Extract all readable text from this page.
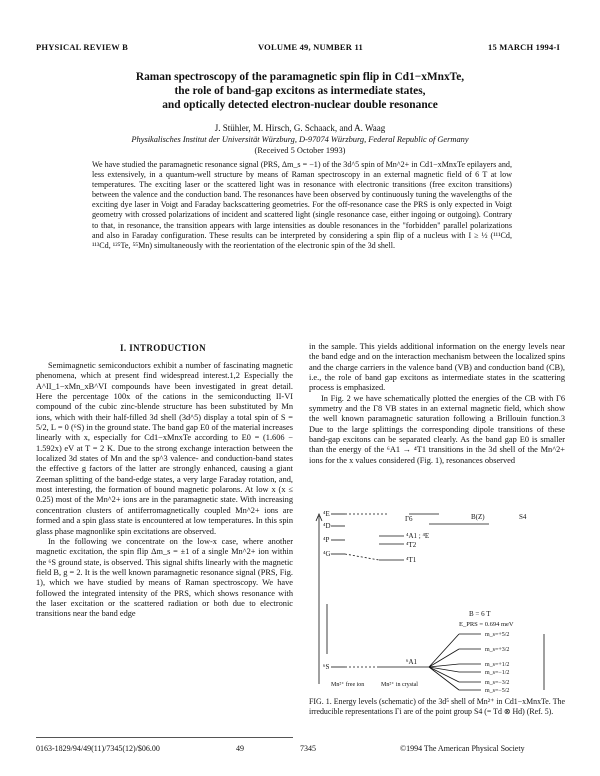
PHYSICAL REVIEW B	VOLUME 49, NUMBER 11	15 MARCH 1994-I
Raman spectroscopy of the paramagnetic spin flip in Cd1−xMnxTe,
the role of band-gap excitons as intermediate states,
and optically detected electron-nuclear double resonance
J. Stühler, M. Hirsch, G. Schaack, and A. Waag
Physikalisches Institut der Universität Würzburg, D-97074 Würzburg, Federal Republic of Germany
(Received 5 October 1993)
We have studied the paramagnetic resonance signal (PRS, Δm_s = −1) of the 3d^5 spin of Mn^2+ in Cd1−xMnxTe epilayers and, less extensively, in a quantum-well structure by means of Raman spectroscopy in an external magnetic field of 6 T at low temperatures. The exciting laser or the scattered light was in resonance with electronic transitions (free exciton transitions) between the valence and the conduction band. The resonances have been observed by continuously tuning the wavelengths of the exciting dye laser in Voigt and Faraday backscattering geometries. For the off-resonance case the PRS is only expected in Voigt geometry with crossed polarizations of incident and scattered light (single resonance case, either ingoing or outgoing). Contrary to that, in resonance, the transition appears with large intensities as double resonances in the "forbidden" parallel polarizations and also in Faraday configuration. These results can be interpreted by considering a spin flip of a nucleus with I ≥ ½ (¹¹¹Cd, ¹¹³Cd, ¹²⁵Te, ⁵⁵Mn) simultaneously with the reorientation of the electronic spin of the 3d shell.
I. INTRODUCTION

Semimagnetic semiconductors exhibit a number of fascinating magnetic phenomena, which at present find widespread interest.1,2 Especially the A^II_1−xMn_xB^VI compounds have been investigated in great detail. Here the percentage 100x of the cations in the semiconducting II-VI compound of the cubic zinc-blende structure has been substituted by Mn ions, which with their half-filled 3d shell (3d^5) display a total spin of S = 5/2, L = 0 (⁶S) in the ground state. The band gap E0 of the material increases linearly with x, especially for Cd1−xMnxTe according to E0 = (1.606 − 1.592x) eV at T = 2 K. Due to the strong exchange interaction between the localized 3d states of Mn and the sp^3 valence- and conduction-band states the effective g factors of the latter are strongly enhanced, causing a giant Zeeman splitting of the band-edge states, a very large Faraday rotation, and, most interesting, the formation of bound magnetic polarons. At low x (x ≤ 0.25) most of the Mn^2+ ions are in the paramagnetic state. With increasing concentration clusters of antiferromagnetically coupled Mn^2+ ions are formed and a spin glass state is encountered at low temperatures. In this spin glass phase magnonlike spin excitations are observed.

In the following we concentrate on the low-x case, where another magnetic excitation, the spin flip Δm_s = ±1 of a single Mn^2+ ion within the ⁶S ground state, is observed. This signal shifts linearly with the magnetic field B, g = 2. It is the well known paramagnetic resonance signal (PRS, Fig. 1), which we have studied by means of Raman spectroscopy. We have followed the integrated intensity of the PRS, which shows resonance with the laser excitation or the scattered radiation or both due to electronic transitions near the band edge

in the sample. This yields additional information on the energy levels near the band edge and on the interaction mechanism between the localized spins and the charge carriers in the valence band (VB) and conduction band (CB), i.e., the role of band gap excitons as intermediate states in the scattering process is emphasized.

In Fig. 2 we have schematically plotted the energies of the CB with Γ6 symmetry and the Γ8 VB states in an external magnetic field, which show the well known paramagnetic saturation following a Brillouin function.3 Due to the large splittings the corresponding dipole transitions of these band-gap excitons can be separated clearly. As the band gap E0 is smaller than the energy of the ⁶A1 → ⁴T1 transitions in the 3d shell of the Mn^2+ ions for the x values considered (Fig. 1), resonances observed

⁴E
⁴D
⁴P
⁴G
⁶S
B(Z)	S4
Γ6
⁴A1 ; ⁴E
⁴T2
⁴T1
⁶A1
Mn²⁺ free ion	Mn²⁺ in crystal
B = 6 T
E_PRS = 0.694 meV
m_s=+5/2
m_s=+3/2
m_s=+1/2
m_s=−1/2
m_s=−3/2
m_s=−5/2
FIG. 1. Energy levels (schematic) of the 3d⁵ shell of Mn²⁺ in Cd1−xMnxTe. The irreducible representations Γi are of the point group S4 (= Td ⊗ Hd) (Ref. 5).
0163-1829/94/49(11)/7345(12)/$06.00	49	7345	©1994 The American Physical Society
